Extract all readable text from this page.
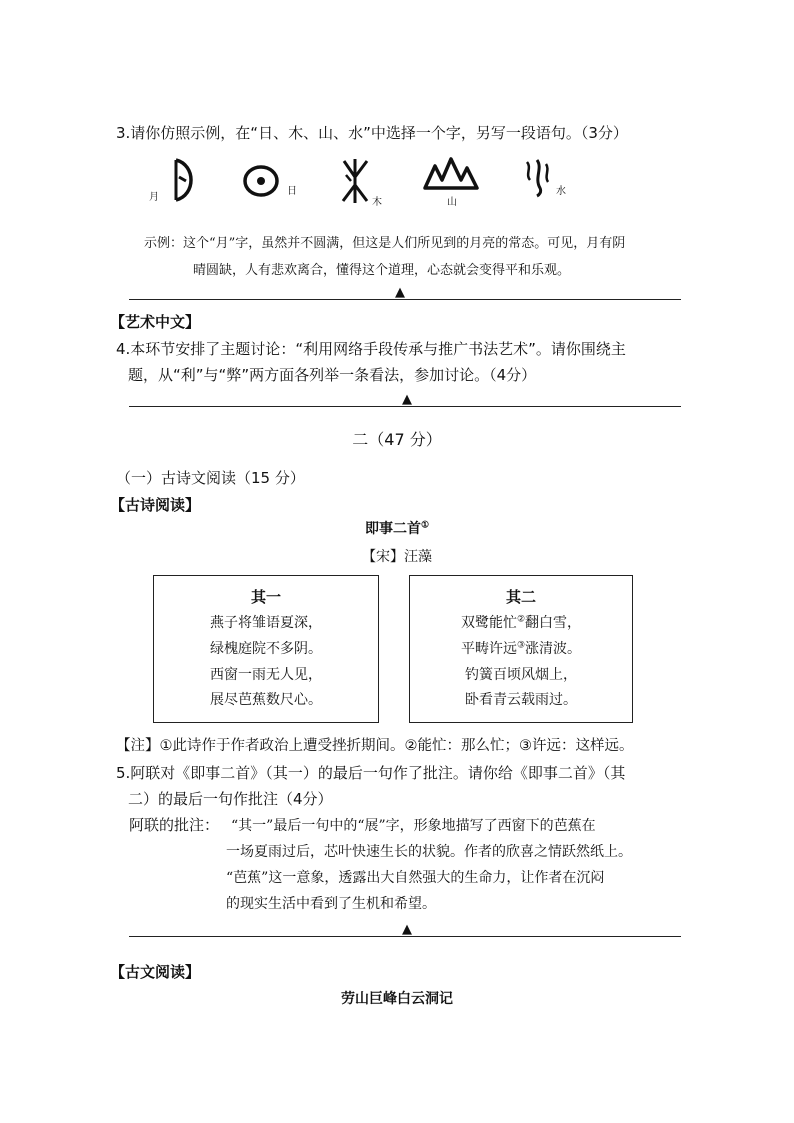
3.请你仿照示例，在“日、木、山、水”中选择一个字，另写一段语句。（3分）
月
日
木	山
水
示例：这个“月”字，虽然并不圆满，但这是人们所见到的月亮的常态。可见，月有阴
晴圆缺，人有悲欢离合，懂得这个道理，心态就会变得平和乐观。
▲
【艺术中文】
4.本环节安排了主题讨论：“利用网络手段传承与推广书法艺术”。请你围绕主
题，从“利”与“弊”两方面各列举一条看法，参加讨论。（4分）
▲
二（47 分）
（一）古诗文阅读（15 分）
【古诗阅读】
即事二首①
【宋】汪藻
其一
燕子将雏语夏深，
绿槐庭院不多阴。
西窗一雨无人见，
展尽芭蕉数尺心。
其二
双鹭能忙②翻白雪，
平畴许远③涨清波。
钓簧百顷风烟上，
卧看青云载雨过。
【注】①此诗作于作者政治上遭受挫折期间。②能忙：那么忙；③许远：这样远。
5.阿联对《即事二首》（其一）的最后一句作了批注。请你给《即事二首》（其
二）的最后一句作批注（4分）
阿联的批注： “其一”最后一句中的“展”字，形象地描写了西窗下的芭蕉在
一场夏雨过后，芯叶快速生长的状貌。作者的欣喜之情跃然纸上。
“芭蕉”这一意象，透露出大自然强大的生命力，让作者在沉闷
的现实生活中看到了生机和希望。
▲
【古文阅读】
劳山巨峰白云洞记
